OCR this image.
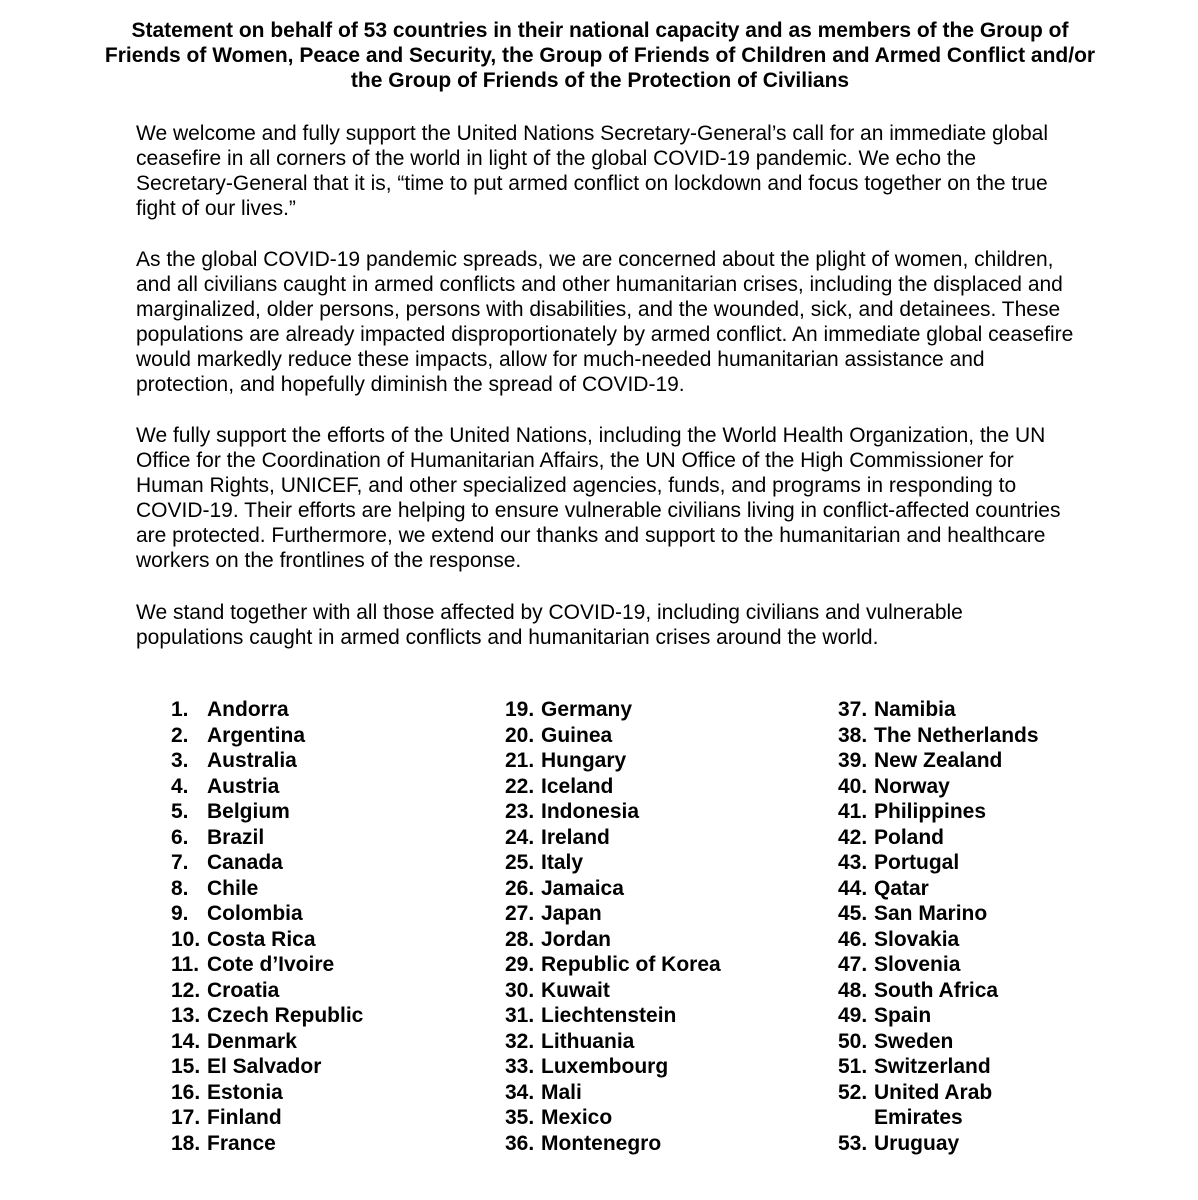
Statement on behalf of 53 countries in their national capacity and as members of the Group of Friends of Women, Peace and Security, the Group of Friends of Children and Armed Conflict and/or the Group of Friends of the Protection of Civilians

We welcome and fully support the United Nations Secretary-General’s call for an immediate global ceasefire in all corners of the world in light of the global COVID-19 pandemic. We echo the Secretary-General that it is, “time to put armed conflict on lockdown and focus together on the true fight of our lives.”

As the global COVID-19 pandemic spreads, we are concerned about the plight of women, children, and all civilians caught in armed conflicts and other humanitarian crises, including the displaced and marginalized, older persons, persons with disabilities, and the wounded, sick, and detainees. These populations are already impacted disproportionately by armed conflict. An immediate global ceasefire would markedly reduce these impacts, allow for much-needed humanitarian assistance and protection, and hopefully diminish the spread of COVID-19.

We fully support the efforts of the United Nations, including the World Health Organization, the UN Office for the Coordination of Humanitarian Affairs, the UN Office of the High Commissioner for Human Rights, UNICEF, and other specialized agencies, funds, and programs in responding to COVID-19. Their efforts are helping to ensure vulnerable civilians living in conflict-affected countries are protected. Furthermore, we extend our thanks and support to the humanitarian and healthcare workers on the frontlines of the response.

We stand together with all those affected by COVID-19, including civilians and vulnerable populations caught in armed conflicts and humanitarian crises around the world.

1. Andorra
2. Argentina
3. Australia
4. Austria
5. Belgium
6. Brazil
7. Canada
8. Chile
9. Colombia
10. Costa Rica
11. Cote d’Ivoire
12. Croatia
13. Czech Republic
14. Denmark
15. El Salvador
16. Estonia
17. Finland
18. France
19. Germany
20. Guinea
21. Hungary
22. Iceland
23. Indonesia
24. Ireland
25. Italy
26. Jamaica
27. Japan
28. Jordan
29. Republic of Korea
30. Kuwait
31. Liechtenstein
32. Lithuania
33. Luxembourg
34. Mali
35. Mexico
36. Montenegro
37. Namibia
38. The Netherlands
39. New Zealand
40. Norway
41. Philippines
42. Poland
43. Portugal
44. Qatar
45. San Marino
46. Slovakia
47. Slovenia
48. South Africa
49. Spain
50. Sweden
51. Switzerland
52. United Arab Emirates
53. Uruguay
